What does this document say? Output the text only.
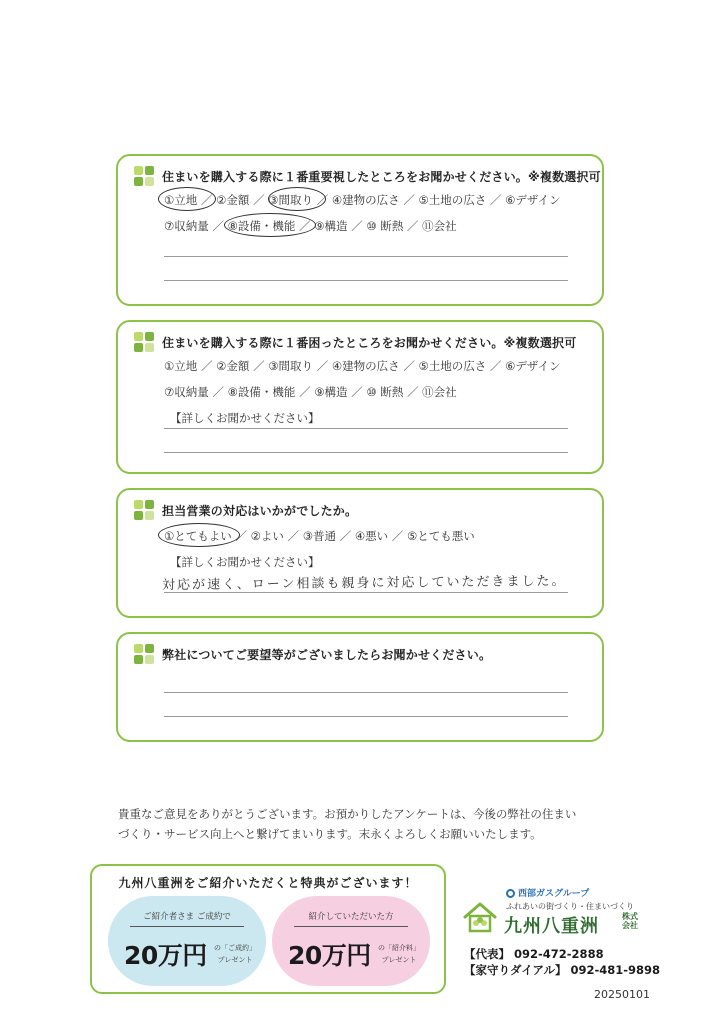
住まいを購入する際に１番重要視したところをお聞かせください。※複数選択可
①立地 ／ ②金額 ／ ③間取り ／ ④建物の広さ ／ ⑤土地の広さ ／ ⑥デザイン
⑦収納量 ／ ⑧設備・機能 ／ ⑨構造 ／ ⑩ 断熱 ／ ⑪会社
住まいを購入する際に１番困ったところをお聞かせください。※複数選択可
①立地 ／ ②金額 ／ ③間取り ／ ④建物の広さ ／ ⑤土地の広さ ／ ⑥デザイン
⑦収納量 ／ ⑧設備・機能 ／ ⑨構造 ／ ⑩ 断熱 ／ ⑪会社
【詳しくお聞かせください】
担当営業の対応はいかがでしたか。
①とてもよい ／ ②よい ／ ③普通 ／ ④悪い ／ ⑤とても悪い
【詳しくお聞かせください】
対応が速く、ローン相談も親身に対応していただきました。
弊社についてご要望等がございましたらお聞かせください。
貴重なご意見をありがとうございます。お預かりしたアンケートは、今後の弊社の住まい
づくり・サービス向上へと繋げてまいります。末永くよろしくお願いいたします。
九州八重洲をご紹介いただくと特典がございます！
ご紹介者さま ご成約で
20万円	の「ご成約」
プレゼント
紹介していただいた方
20万円	の「紹介料」
プレゼント
西部ガスグループ
ふれあいの街づくり・住まいづくり
九州八重洲	株式会社
【代表】 092-472-2888
【家守りダイアル】 092-481-9898
20250101
